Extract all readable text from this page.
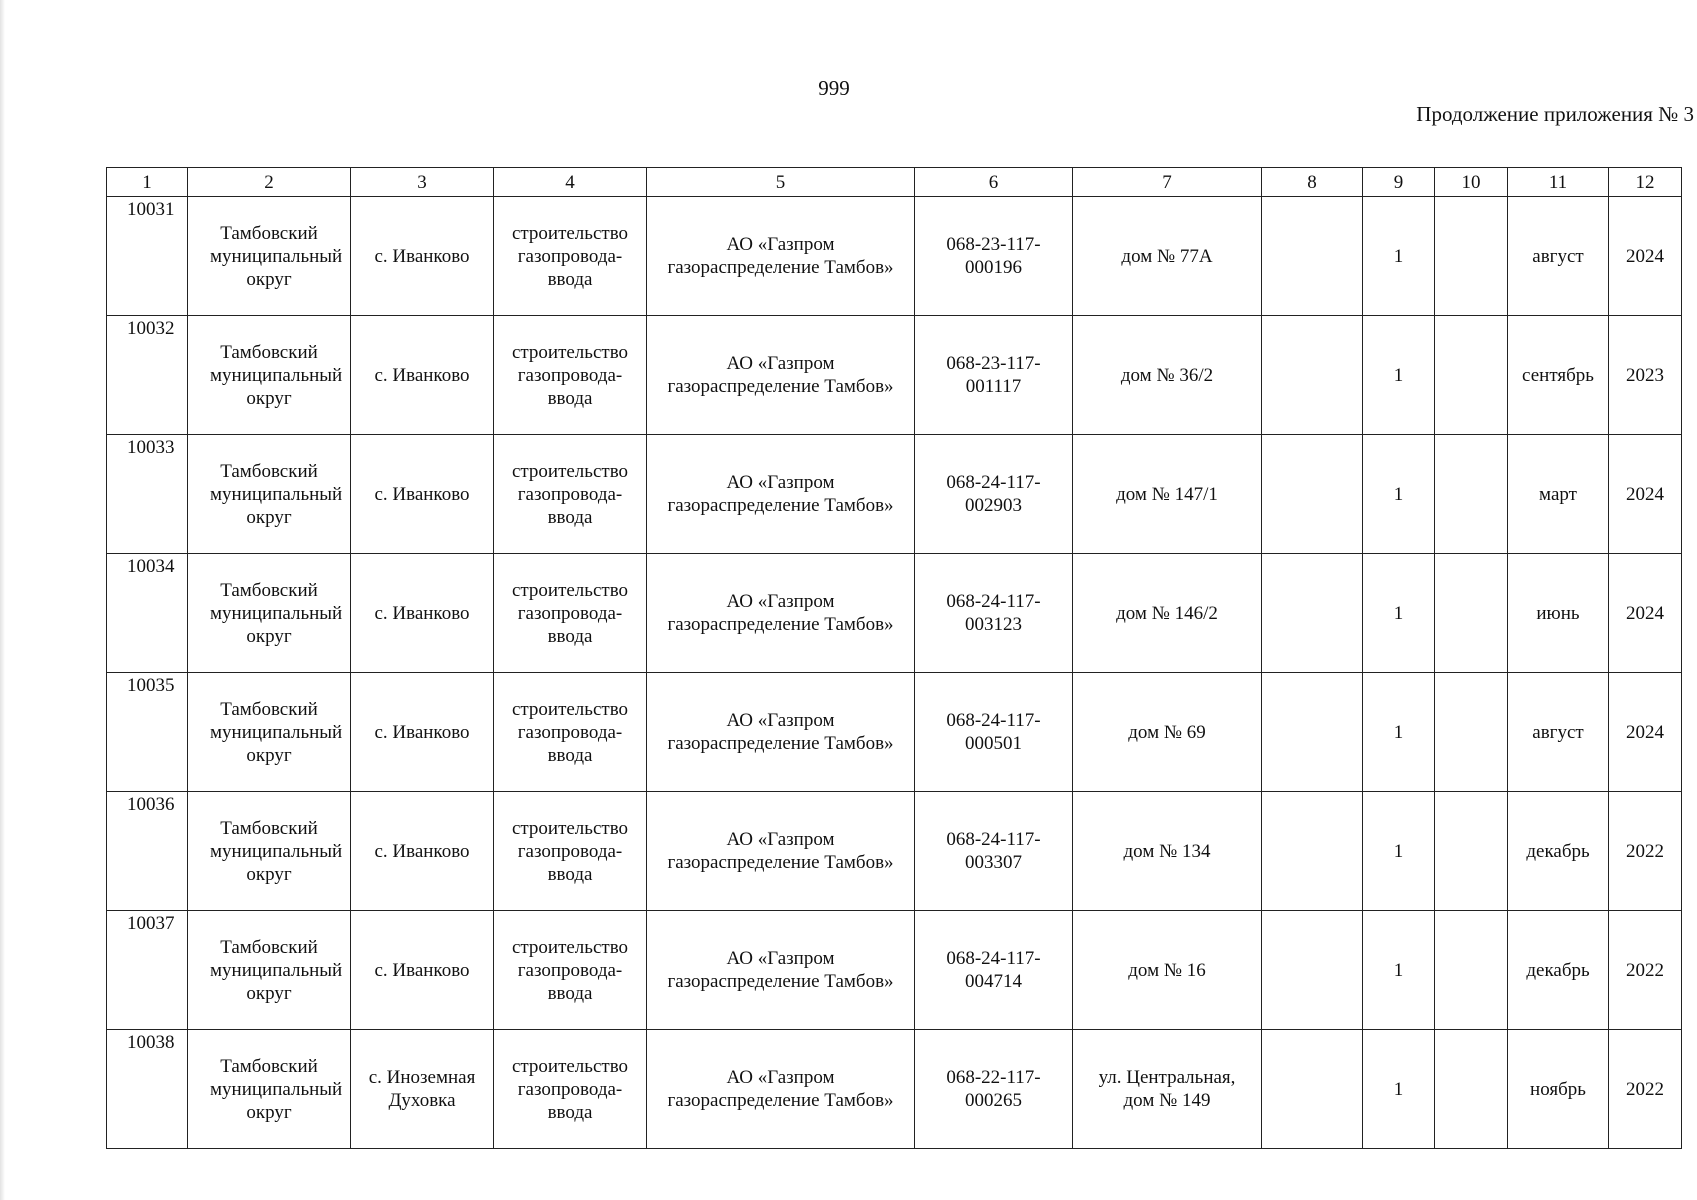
999
Продолжение приложения № 3
1	2	3	4	5	6	7	8	9	10	11	12

10031	Тамбовский муниципальный округ	с. Иванково	строительство газопровода-ввода	АО «Газпром газораспределение Тамбов»	068-23-117-000196	дом № 77А		1		август	2024

10032	Тамбовский муниципальный округ	с. Иванково	строительство газопровода-ввода	АО «Газпром газораспределение Тамбов»	068-23-117-001117	дом № 36/2		1		сентябрь	2023

10033	Тамбовский муниципальный округ	с. Иванково	строительство газопровода-ввода	АО «Газпром газораспределение Тамбов»	068-24-117-002903	дом № 147/1		1		март	2024

10034	Тамбовский муниципальный округ	с. Иванково	строительство газопровода-ввода	АО «Газпром газораспределение Тамбов»	068-24-117-003123	дом № 146/2		1		июнь	2024

10035	Тамбовский муниципальный округ	с. Иванково	строительство газопровода-ввода	АО «Газпром газораспределение Тамбов»	068-24-117-000501	дом № 69		1		август	2024

10036	Тамбовский муниципальный округ	с. Иванково	строительство газопровода-ввода	АО «Газпром газораспределение Тамбов»	068-24-117-003307	дом № 134		1		декабрь	2022

10037	Тамбовский муниципальный округ	с. Иванково	строительство газопровода-ввода	АО «Газпром газораспределение Тамбов»	068-24-117-004714	дом № 16		1		декабрь	2022

10038	Тамбовский муниципальный округ	с. Иноземная Духовка	строительство газопровода-ввода	АО «Газпром газораспределение Тамбов»	068-22-117-000265	ул. Центральная, дом № 149		1		ноябрь	2022
